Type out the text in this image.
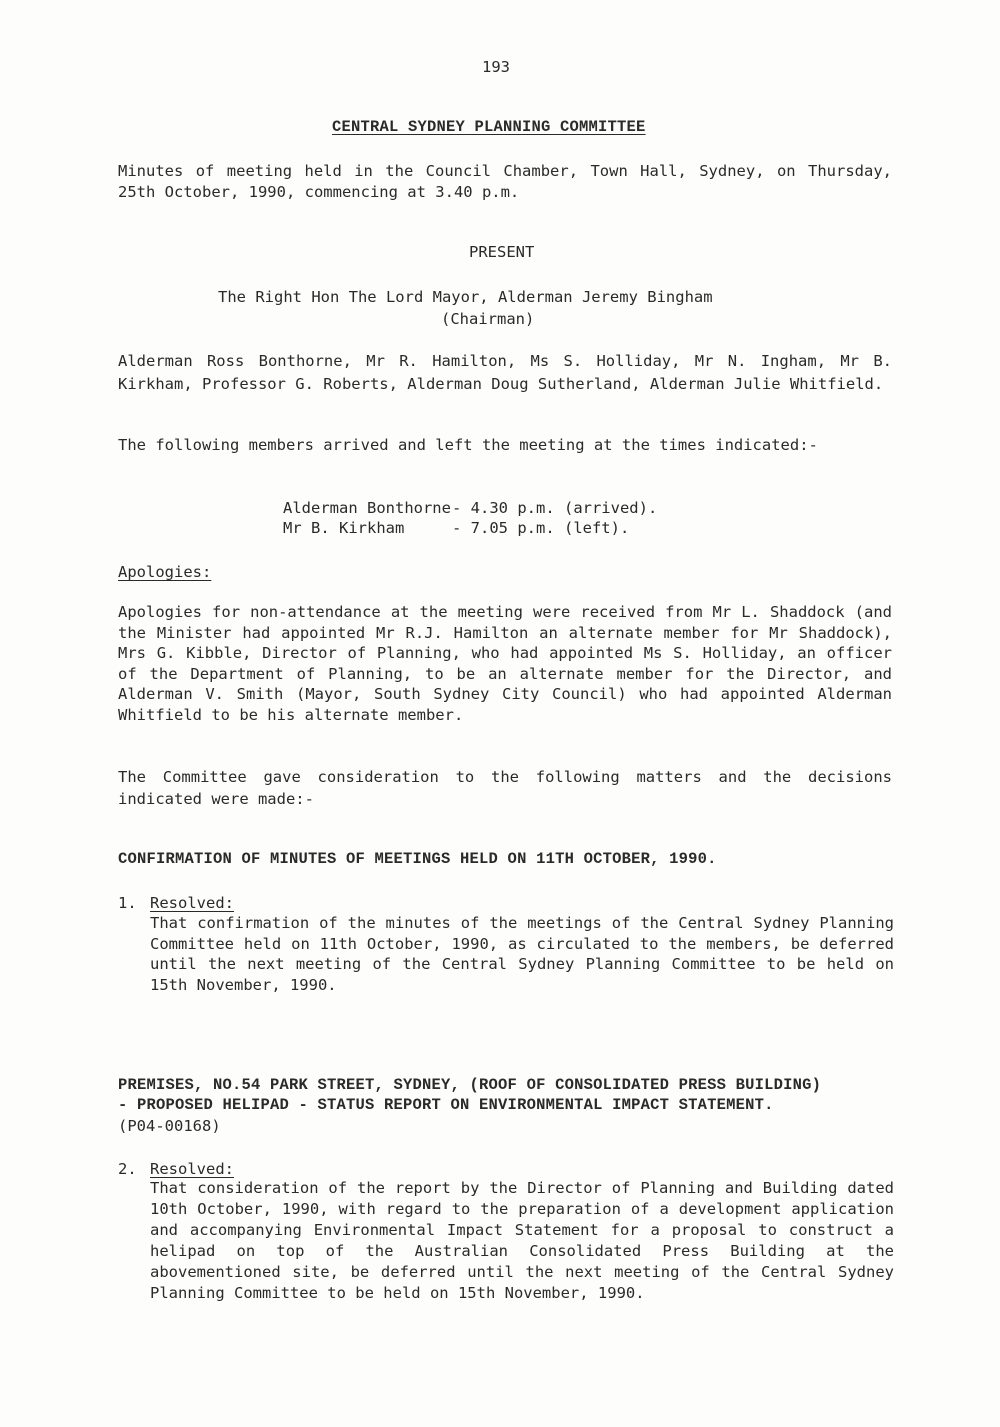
193
CENTRAL SYDNEY PLANNING COMMITTEE
Minutes of meeting held in the Council Chamber, Town Hall, Sydney, on Thursday, 25th October, 1990, commencing at 3.40 p.m.
PRESENT
The Right Hon The Lord Mayor, Alderman Jeremy Bingham
(Chairman)
Alderman Ross Bonthorne, Mr R. Hamilton, Ms S. Holliday, Mr N. Ingham, Mr B. Kirkham, Professor G. Roberts, Alderman Doug Sutherland, Alderman Julie Whitfield.
The following members arrived and left the meeting at the times indicated:-
Alderman Bonthorne - 4.30 p.m. (arrived).
Mr B. Kirkham	- 7.05 p.m. (left).
Apologies:
Apologies for non-attendance at the meeting were received from Mr L. Shaddock (and the Minister had appointed Mr R.J. Hamilton an alternate member for Mr Shaddock), Mrs G. Kibble, Director of Planning, who had appointed Ms S. Holliday, an officer of the Department of Planning, to be an alternate member for the Director, and Alderman V. Smith (Mayor, South Sydney City Council) who had appointed Alderman Whitfield to be his alternate member.
The Committee gave consideration to the following matters and the decisions indicated were made:-
CONFIRMATION OF MINUTES OF MEETINGS HELD ON 11TH OCTOBER, 1990.
1. Resolved:
That confirmation of the minutes of the meetings of the Central Sydney Planning Committee held on 11th October, 1990, as circulated to the members, be deferred until the next meeting of the Central Sydney Planning Committee to be held on 15th November, 1990.
PREMISES, NO.54 PARK STREET, SYDNEY, (ROOF OF CONSOLIDATED PRESS BUILDING)
- PROPOSED HELIPAD - STATUS REPORT ON ENVIRONMENTAL IMPACT STATEMENT.
(P04-00168)
2. Resolved:
That consideration of the report by the Director of Planning and Building dated 10th October, 1990, with regard to the preparation of a development application and accompanying Environmental Impact Statement for a proposal to construct a helipad on top of the Australian Consolidated Press Building at the abovementioned site, be deferred until the next meeting of the Central Sydney Planning Committee to be held on 15th November, 1990.
